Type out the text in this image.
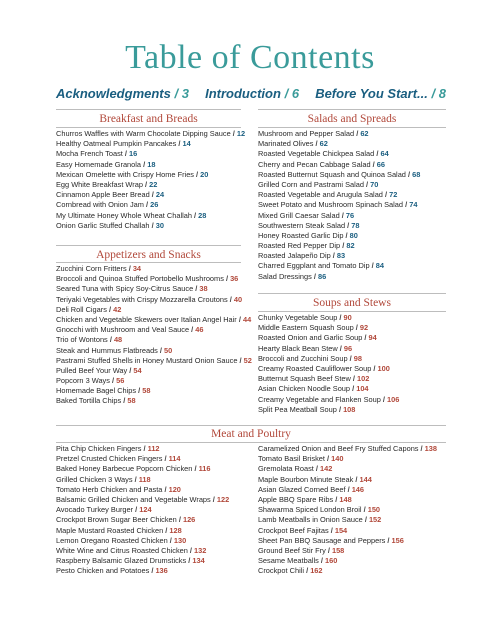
Table of Contents
Acknowledgments / 3 Introduction / 6 Before You Start... / 8
Breakfast and Breads
Churros Waffles with Warm Chocolate Dipping Sauce / 12
Healthy Oatmeal Pumpkin Pancakes / 14
Mocha French Toast / 16
Easy Homemade Granola / 18
Mexican Omelette with Crispy Home Fries / 20
Egg White Breakfast Wrap / 22
Cinnamon Apple Beer Bread / 24
Cornbread with Onion Jam / 26
My Ultimate Honey Whole Wheat Challah / 28
Onion Garlic Stuffed Challah / 30
Appetizers and Snacks
Zucchini Corn Fritters / 34
Broccoli and Quinoa Stuffed Portobello Mushrooms / 36
Seared Tuna with Spicy Soy-Citrus Sauce / 38
Teriyaki Vegetables with Crispy Mozzarella Croutons / 40
Deli Roll Cigars / 42
Chicken and Vegetable Skewers over Italian Angel Hair / 44
Gnocchi with Mushroom and Veal Sauce / 46
Trio of Wontons / 48
Steak and Hummus Flatbreads / 50
Pastrami Stuffed Shells in Honey Mustard Onion Sauce / 52
Pulled Beef Your Way / 54
Popcorn 3 Ways / 56
Homemade Bagel Chips / 58
Baked Tortilla Chips / 58
Salads and Spreads
Mushroom and Pepper Salad / 62
Marinated Olives / 62
Roasted Vegetable Chickpea Salad / 64
Cherry and Pecan Cabbage Salad / 66
Roasted Butternut Squash and Quinoa Salad / 68
Grilled Corn and Pastrami Salad / 70
Roasted Vegetable and Arugula Salad / 72
Sweet Potato and Mushroom Spinach Salad / 74
Mixed Grill Caesar Salad / 76
Southwestern Steak Salad / 78
Honey Roasted Garlic Dip / 80
Roasted Red Pepper Dip / 82
Roasted Jalapeño Dip / 83
Charred Eggplant and Tomato Dip / 84
Salad Dressings / 86
Soups and Stews
Chunky Vegetable Soup / 90
Middle Eastern Squash Soup / 92
Roasted Onion and Garlic Soup / 94
Hearty Black Bean Stew / 96
Broccoli and Zucchini Soup / 98
Creamy Roasted Cauliflower Soup / 100
Butternut Squash Beef Stew / 102
Asian Chicken Noodle Soup / 104
Creamy Vegetable and Flanken Soup / 106
Split Pea Meatball Soup / 108
Meat and Poultry
Pita Chip Chicken Fingers / 112
Pretzel Crusted Chicken Fingers / 114
Baked Honey Barbecue Popcorn Chicken / 116
Grilled Chicken 3 Ways / 118
Tomato Herb Chicken and Pasta / 120
Balsamic Grilled Chicken and Vegetable Wraps / 122
Avocado Turkey Burger / 124
Crockpot Brown Sugar Beer Chicken / 126
Maple Mustard Roasted Chicken / 128
Lemon Oregano Roasted Chicken / 130
White Wine and Citrus Roasted Chicken / 132
Raspberry Balsamic Glazed Drumsticks / 134
Pesto Chicken and Potatoes / 136
Caramelized Onion and Beef Fry Stuffed Capons / 138
Tomato Basil Brisket / 140
Gremolata Roast / 142
Maple Bourbon Minute Steak / 144
Asian Glazed Corned Beef / 146
Apple BBQ Spare Ribs / 148
Shawarma Spiced London Broil / 150
Lamb Meatballs in Onion Sauce / 152
Crockpot Beef Fajitas / 154
Sheet Pan BBQ Sausage and Peppers / 156
Ground Beef Stir Fry / 158
Sesame Meatballs / 160
Crockpot Chili / 162
